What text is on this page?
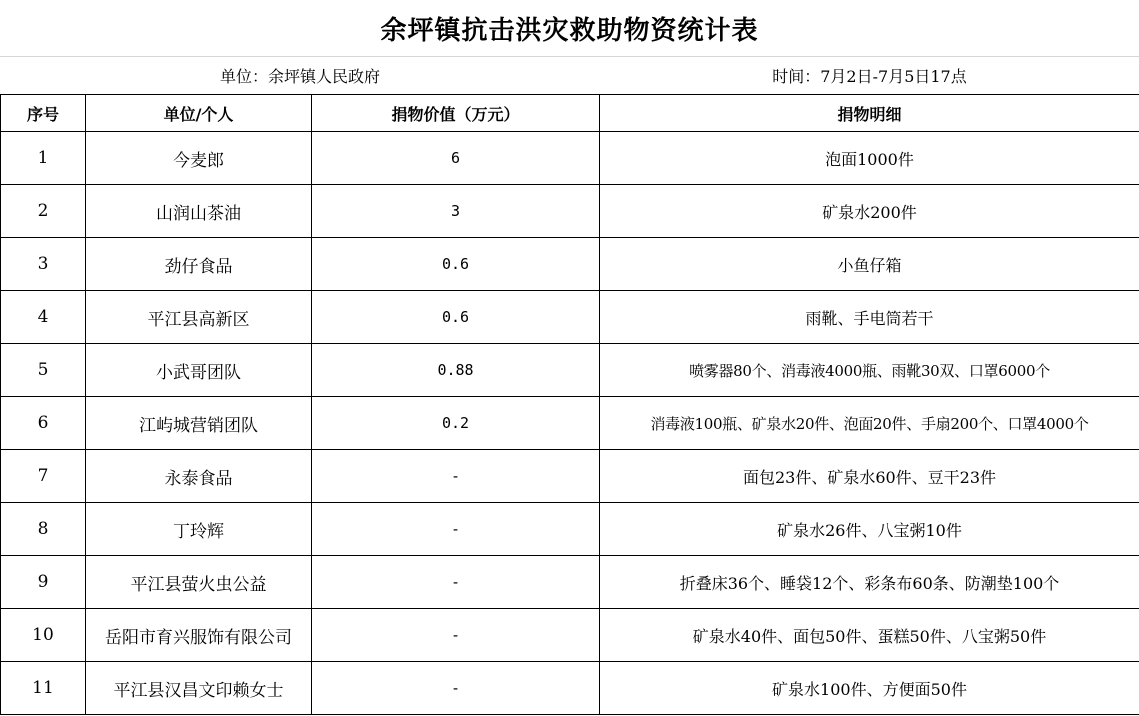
余坪镇抗击洪灾救助物资统计表
单位：余坪镇人民政府	时间：7月2日-7月5日17点
序号	单位/个人	捐物价值（万元）	捐物明细
1	今麦郎	6	泡面1000件
2	山润山茶油	3	矿泉水200件
3	劲仔食品	0.6	小鱼仔箱
4	平江县高新区	0.6	雨靴、手电筒若干
5	小武哥团队	0.88	喷雾器80个、消毒液4000瓶、雨靴30双、口罩6000个
6	江屿城营销团队	0.2	消毒液100瓶、矿泉水20件、泡面20件、手扇200个、口罩4000个
7	永泰食品	-	面包23件、矿泉水60件、豆干23件
8	丁玲辉	-	矿泉水26件、八宝粥10件
9	平江县萤火虫公益	-	折叠床36个、睡袋12个、彩条布60条、防潮垫100个
10	岳阳市育兴服饰有限公司	-	矿泉水40件、面包50件、蛋糕50件、八宝粥50件
11	平江县汉昌文印赖女士	-	矿泉水100件、方便面50件
